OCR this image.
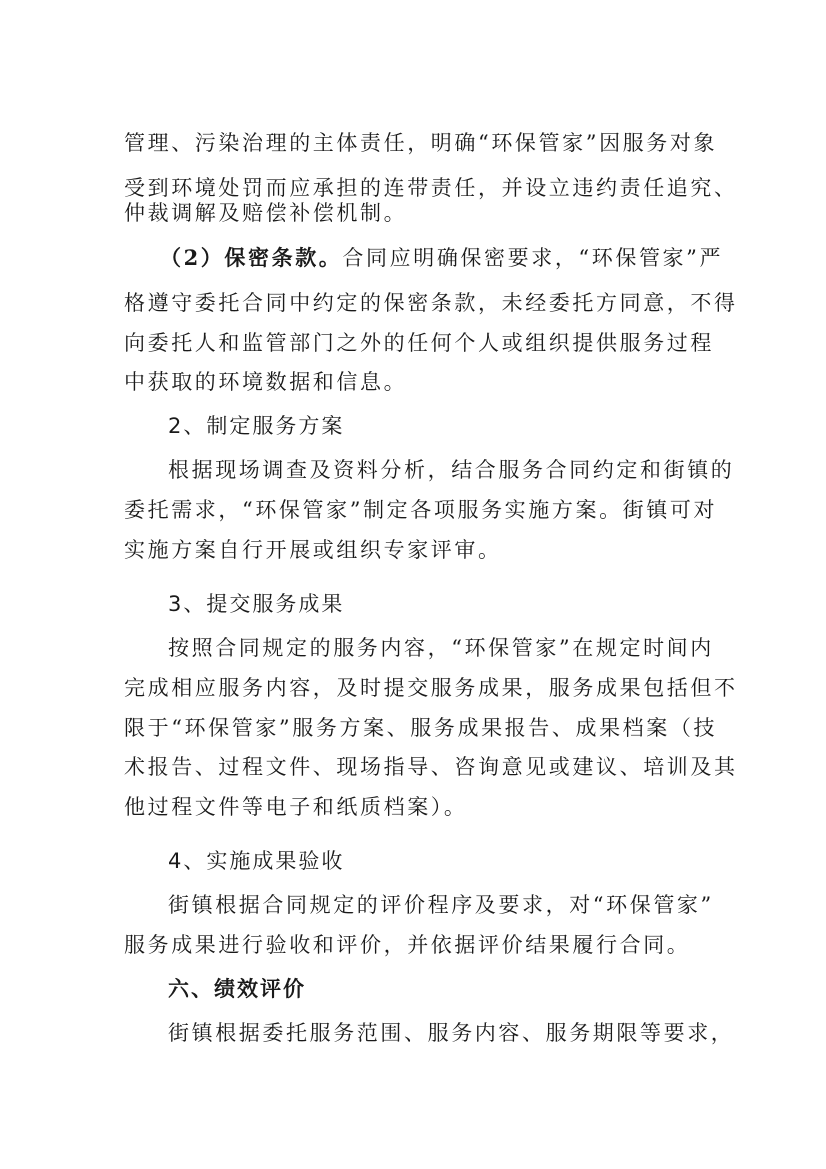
管理、污染治理的主体责任，明确“环保管家”因服务对象
受到环境处罚而应承担的连带责任，并设立违约责任追究、
仲裁调解及赔偿补偿机制。
（2）保密条款。合同应明确保密要求，“环保管家”严
格遵守委托合同中约定的保密条款，未经委托方同意，不得
向委托人和监管部门之外的任何个人或组织提供服务过程
中获取的环境数据和信息。
2、制定服务方案
根据现场调查及资料分析，结合服务合同约定和街镇的
委托需求，“环保管家”制定各项服务实施方案。街镇可对
实施方案自行开展或组织专家评审。
3、提交服务成果
按照合同规定的服务内容，“环保管家”在规定时间内
完成相应服务内容，及时提交服务成果，服务成果包括但不
限于“环保管家”服务方案、服务成果报告、成果档案（技
术报告、过程文件、现场指导、咨询意见或建议、培训及其
他过程文件等电子和纸质档案）。
4、实施成果验收
街镇根据合同规定的评价程序及要求，对“环保管家”
服务成果进行验收和评价，并依据评价结果履行合同。
六、绩效评价
街镇根据委托服务范围、服务内容、服务期限等要求，
